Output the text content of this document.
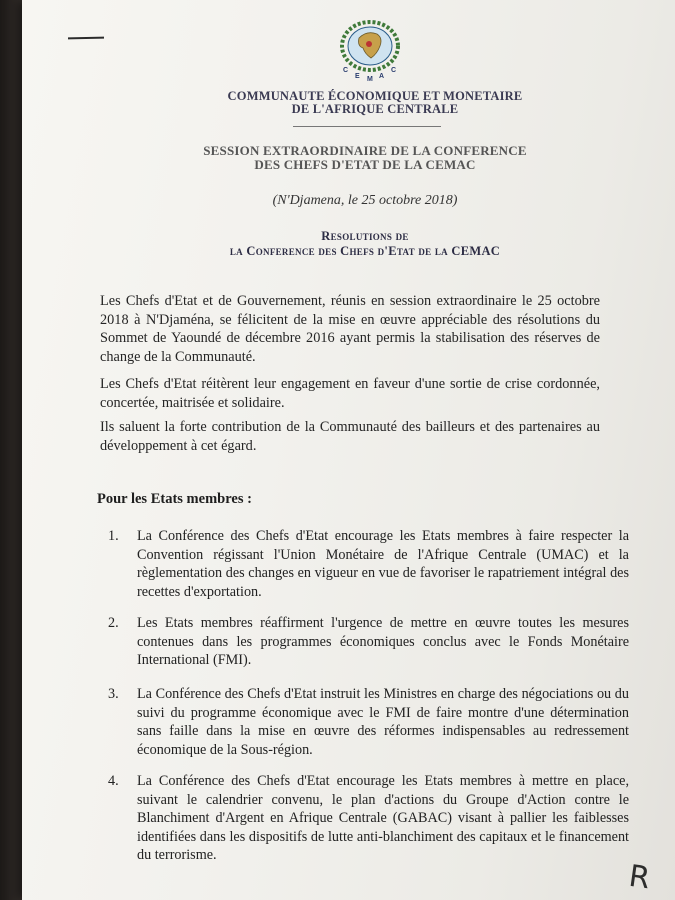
C
E M A
C
COMMUNAUTE ÉCONOMIQUE ET MONETAIRE
DE L'AFRIQUE CENTRALE
SESSION EXTRAORDINAIRE DE LA CONFERENCE
DES CHEFS D'ETAT DE LA CEMAC
(N'Djamena, le 25 octobre 2018)
Resolutions de
la Conference des Chefs d'Etat de la CEMAC
Les Chefs d'Etat et de Gouvernement, réunis en session extraordinaire le 25 octobre 2018 à N'Djaména, se félicitent de la mise en œuvre appréciable des résolutions du Sommet de Yaoundé de décembre 2016 ayant permis la stabilisation des réserves de change de la Communauté.
Les Chefs d'Etat réitèrent leur engagement en faveur d'une sortie de crise cordonnée, concertée, maitrisée et solidaire.
Ils saluent la forte contribution de la Communauté des bailleurs et des partenaires au développement à cet égard.
Pour les Etats membres :
1.	La Conférence des Chefs d'Etat encourage les Etats membres à faire respecter la Convention régissant l'Union Monétaire de l'Afrique Centrale (UMAC) et la règlementation des changes en vigueur en vue de favoriser le rapatriement intégral des recettes d'exportation.
2.	Les Etats membres réaffirment l'urgence de mettre en œuvre toutes les mesures contenues dans les programmes économiques conclus avec le Fonds Monétaire International (FMI).
3.	La Conférence des Chefs d'Etat instruit les Ministres en charge des négociations ou du suivi du programme économique avec le FMI de faire montre d'une détermination sans faille dans la mise en œuvre des réformes indispensables au redressement économique de la Sous-région.
4.	La Conférence des Chefs d'Etat encourage les Etats membres à mettre en place, suivant le calendrier convenu, le plan d'actions du Groupe d'Action contre le Blanchiment d'Argent en Afrique Centrale (GABAC) visant à pallier les faiblesses identifiées dans les dispositifs de lutte anti-blanchiment des capitaux et le financement du terrorisme.
R
